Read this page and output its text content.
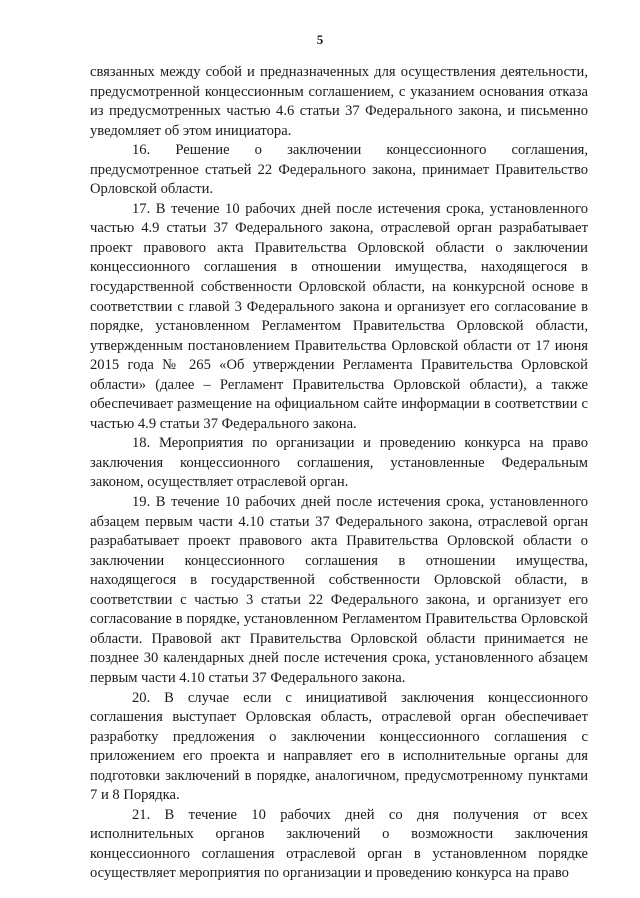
5

связанных между собой и предназначенных для осуществления деятельности, предусмотренной концессионным соглашением, с указанием основания отказа из предусмотренных частью 4.6 статьи 37 Федерального закона, и письменно уведомляет об этом инициатора.

16. Решение о заключении концессионного соглашения, предусмотренное статьей 22 Федерального закона, принимает Правительство Орловской области.

17. В течение 10 рабочих дней после истечения срока, установленного частью 4.9 статьи 37 Федерального закона, отраслевой орган разрабатывает проект правового акта Правительства Орловской области о заключении концессионного соглашения в отношении имущества, находящегося в государственной собственности Орловской области, на конкурсной основе в соответствии с главой 3 Федерального закона и организует его согласование в порядке, установленном Регламентом Правительства Орловской области, утвержденным постановлением Правительства Орловской области от 17 июня 2015 года № 265 «Об утверждении Регламента Правительства Орловской области» (далее – Регламент Правительства Орловской области), а также обеспечивает размещение на официальном сайте информации в соответствии с частью 4.9 статьи 37 Федерального закона.

18. Мероприятия по организации и проведению конкурса на право заключения концессионного соглашения, установленные Федеральным законом, осуществляет отраслевой орган.

19. В течение 10 рабочих дней после истечения срока, установленного абзацем первым части 4.10 статьи 37 Федерального закона, отраслевой орган разрабатывает проект правового акта Правительства Орловской области о заключении концессионного соглашения в отношении имущества, находящегося в государственной собственности Орловской области, в соответствии с частью 3 статьи 22 Федерального закона, и организует его согласование в порядке, установленном Регламентом Правительства Орловской области. Правовой акт Правительства Орловской области принимается не позднее 30 календарных дней после истечения срока, установленного абзацем первым части 4.10 статьи 37 Федерального закона.

20. В случае если с инициативой заключения концессионного соглашения выступает Орловская область, отраслевой орган обеспечивает разработку предложения о заключении концессионного соглашения с приложением его проекта и направляет его в исполнительные органы для подготовки заключений в порядке, аналогичном, предусмотренному пунктами 7 и 8 Порядка.

21. В течение 10 рабочих дней со дня получения от всех исполнительных органов заключений о возможности заключения концессионного соглашения отраслевой орган в установленном порядке осуществляет мероприятия по организации и проведению конкурса на право
